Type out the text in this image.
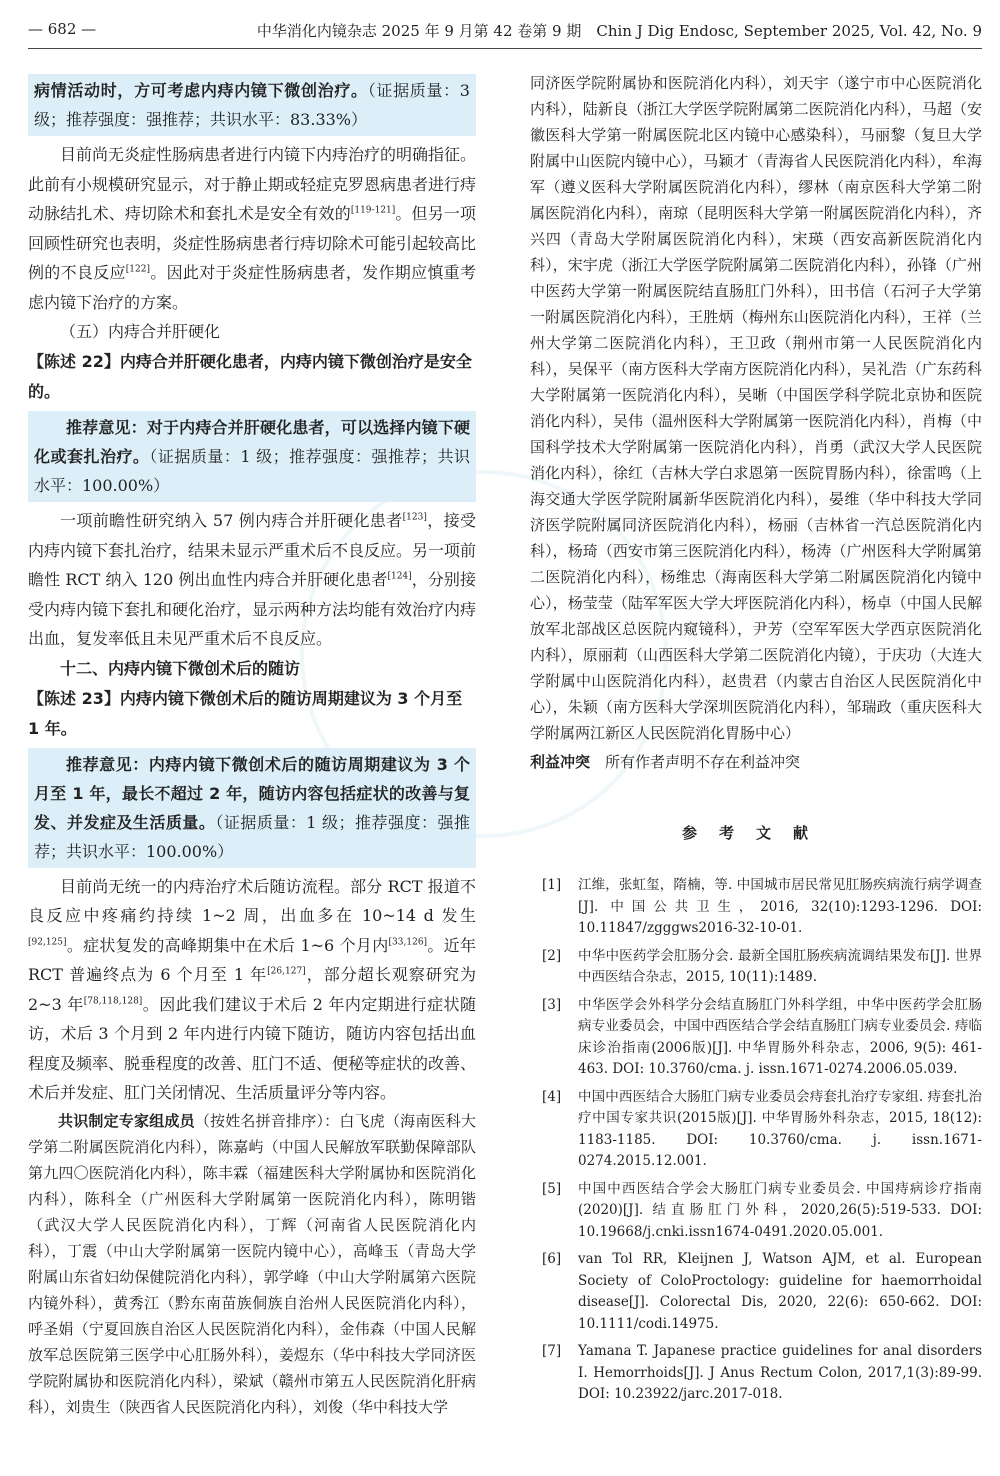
— 682 —	中华消化内镜杂志 2025 年 9 月第 42 卷第 9 期　Chin J Dig Endosc, September 2025, Vol. 42, No. 9

病情活动时，方可考虑内痔内镜下微创治疗。（证据质量：3 级；推荐强度：强推荐；共识水平：83.33%）

目前尚无炎症性肠病患者进行内镜下内痔治疗的明确指征。此前有小规模研究显示，对于静止期或轻症克罗恩病患者进行痔动脉结扎术、痔切除术和套扎术是安全有效的[119-121]。但另一项回顾性研究也表明，炎症性肠病患者行痔切除术可能引起较高比例的不良反应[122]。因此对于炎症性肠病患者，发作期应慎重考虑内镜下治疗的方案。

（五）内痔合并肝硬化

【陈述 22】内痔合并肝硬化患者，内痔内镜下微创治疗是安全的。

推荐意见：对于内痔合并肝硬化患者，可以选择内镜下硬化或套扎治疗。（证据质量：1 级；推荐强度：强推荐；共识水平：100.00%）

一项前瞻性研究纳入 57 例内痔合并肝硬化患者[123]，接受内痔内镜下套扎治疗，结果未显示严重术后不良反应。另一项前瞻性 RCT 纳入 120 例出血性内痔合并肝硬化患者[124]，分别接受内痔内镜下套扎和硬化治疗，显示两种方法均能有效治疗内痔出血，复发率低且未见严重术后不良反应。

十二、内痔内镜下微创术后的随访

【陈述 23】内痔内镜下微创术后的随访周期建议为 3 个月至 1 年。

推荐意见：内痔内镜下微创术后的随访周期建议为 3 个月至 1 年，最长不超过 2 年，随访内容包括症状的改善与复发、并发症及生活质量。（证据质量：1 级；推荐强度：强推荐；共识水平：100.00%）

目前尚无统一的内痔治疗术后随访流程。部分 RCT 报道不良反应中疼痛约持续 1~2 周，出血多在 10~14 d 发生[92,125]。症状复发的高峰期集中在术后 1~6 个月内[33,126]。近年 RCT 普遍终点为 6 个月至 1 年[26,127]，部分超长观察研究为 2~3 年[78,118,128]。因此我们建议于术后 2 年内定期进行症状随访，术后 3 个月到 2 年内进行内镜下随访，随访内容包括出血程度及频率、脱垂程度的改善、肛门不适、便秘等症状的改善、术后并发症、肛门关闭情况、生活质量评分等内容。

共识制定专家组成员（按姓名拼音排序）：白飞虎（海南医科大学第二附属医院消化内科），陈嘉屿（中国人民解放军联勤保障部队第九四〇医院消化内科），陈丰霖（福建医科大学附属协和医院消化内科），陈科全（广州医科大学附属第一医院消化内科），陈明锴（武汉大学人民医院消化内科），丁辉（河南省人民医院消化内科），丁震（中山大学附属第一医院内镜中心），高峰玉（青岛大学附属山东省妇幼保健院消化内科），郭学峰（中山大学附属第六医院内镜外科），黄秀江（黔东南苗族侗族自治州人民医院消化内科），呼圣娟（宁夏回族自治区人民医院消化内科），金伟森（中国人民解放军总医院第三医学中心肛肠外科），姜煜东（华中科技大学同济医学院附属协和医院消化内科），梁斌（赣州市第五人民医院消化肝病科），刘贵生（陕西省人民医院消化内科），刘俊（华中科技大学

同济医学院附属协和医院消化内科），刘天宇（遂宁市中心医院消化内科），陆新良（浙江大学医学院附属第二医院消化内科），马超（安徽医科大学第一附属医院北区内镜中心感染科），马丽黎（复旦大学附属中山医院内镜中心），马颖才（青海省人民医院消化内科），牟海军（遵义医科大学附属医院消化内科），缪林（南京医科大学第二附属医院消化内科），南琼（昆明医科大学第一附属医院消化内科），齐兴四（青岛大学附属医院消化内科），宋瑛（西安高新医院消化内科），宋宇虎（浙江大学医学院附属第二医院消化内科），孙锋（广州中医药大学第一附属医院结直肠肛门外科），田书信（石河子大学第一附属医院消化内科），王胜炳（梅州东山医院消化内科），王祥（兰州大学第二医院消化内科），王卫政（荆州市第一人民医院消化内科），吴保平（南方医科大学南方医院消化内科），吴礼浩（广东药科大学附属第一医院消化内科），吴晰（中国医学科学院北京协和医院消化内科），吴伟（温州医科大学附属第一医院消化内科），肖梅（中国科学技术大学附属第一医院消化内科），肖勇（武汉大学人民医院消化内科），徐红（吉林大学白求恩第一医院胃肠内科），徐雷鸣（上海交通大学医学院附属新华医院消化内科），晏维（华中科技大学同济医学院附属同济医院消化内科），杨丽（吉林省一汽总医院消化内科），杨琦（西安市第三医院消化内科），杨涛（广州医科大学附属第二医院消化内科），杨维忠（海南医科大学第二附属医院消化内镜中心），杨莹莹（陆军军医大学大坪医院消化内科），杨卓（中国人民解放军北部战区总医院内窥镜科），尹芳（空军军医大学西京医院消化内科），原丽莉（山西医科大学第二医院消化内镜），于庆功（大连大学附属中山医院消化内科），赵贵君（内蒙古自治区人民医院消化中心），朱颖（南方医科大学深圳医院消化内科），邹瑞政（重庆医科大学附属两江新区人民医院消化胃肠中心）

利益冲突　 所有作者声明不存在利益冲突

参考文献
[1]	江维，张虹玺，隋楠，等. 中国城市居民常见肛肠疾病流行病学调查[J]. 中国公共卫生，2016, 32(10):1293-1296. DOI: 10.11847/zgggws2016-32-10-01.
[2]	中华中医药学会肛肠分会. 最新全国肛肠疾病流调结果发布[J]. 世界中西医结合杂志，2015, 10(11):1489.
[3]	中华医学会外科学分会结直肠肛门外科学组，中华中医药学会肛肠病专业委员会，中国中西医结合学会结直肠肛门病专业委员会. 痔临床诊治指南(2006版)[J]. 中华胃肠外科杂志，2006, 9(5): 461-463. DOI: 10.3760/cma. j. issn.1671-0274.2006.05.039.
[4]	中国中西医结合大肠肛门病专业委员会痔套扎治疗专家组. 痔套扎治疗中国专家共识(2015版)[J]. 中华胃肠外科杂志，2015, 18(12): 1183-1185. DOI: 10.3760/cma. j. issn.1671-0274.2015.12.001.
[5]	中国中西医结合学会大肠肛门病专业委员会. 中国痔病诊疗指南(2020)[J]. 结直肠肛门外科，2020,26(5):519-533. DOI: 10.19668/j.cnki.issn1674-0491.2020.05.001.
[6]	van Tol RR, Kleijnen J, Watson AJM, et al. European Society of ColoProctology: guideline for haemorrhoidal disease[J]. Colorectal Dis, 2020, 22(6): 650-662. DOI: 10.1111/codi.14975.
[7]	Yamana T. Japanese practice guidelines for anal disorders I. Hemorrhoids[J]. J Anus Rectum Colon, 2017,1(3):89-99. DOI: 10.23922/jarc.2017-018.
